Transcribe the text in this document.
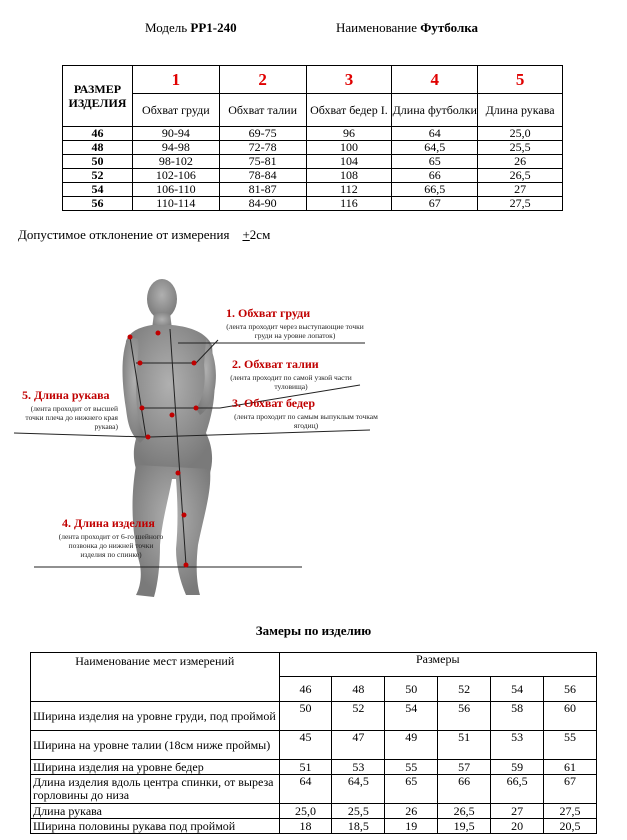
Модель РР1-240	Наименование Футболка
РАЗМЕР ИЗДЕЛИЯ	1	2	3	4	5
	Обхват груди	Обхват талии	Обхват бедер I.	Длина футболки	Длина рукава
46	90-94	69-75	96	64	25,0
48	94-98	72-78	100	64,5	25,5
50	98-102	75-81	104	65	26
52	102-106	78-84	108	66	26,5
54	106-110	81-87	112	66,5	27
56	110-114	84-90	116	67	27,5
Допустимое отклонение от измерения +2см
1. Обхват груди
(лента проходит через выступающие точки груди на уровне лопаток)
2. Обхват талии
(лента проходит по самой узкой части туловища)
3. Обхват бедер
(лента проходит по самым выпуклым точкам ягодиц)
5. Длина рукава
(лента проходит от высшей точки плеча до нижнего края рукава)
4. Длина изделия
(лента проходит от 6-го шейного позвонка до нижней точки изделия по спинке)
Замеры по изделию
Наименование мест измерений	Размеры					
	46	48	50	52	54	56
Ширина изделия на уровне груди, под проймой	50	52	54	56	58	60
Ширина на уровне талии (18см ниже проймы)	45	47	49	51	53	55
Ширина изделия на уровне бедер	51	53	55	57	59	61
Длина изделия вдоль центра спинки, от выреза горловины до низа	64	64,5	65	66	66,5	67
Длина рукава	25,0	25,5	26	26,5	27	27,5
Ширина половины рукава под проймой	18	18,5	19	19,5	20	20,5
